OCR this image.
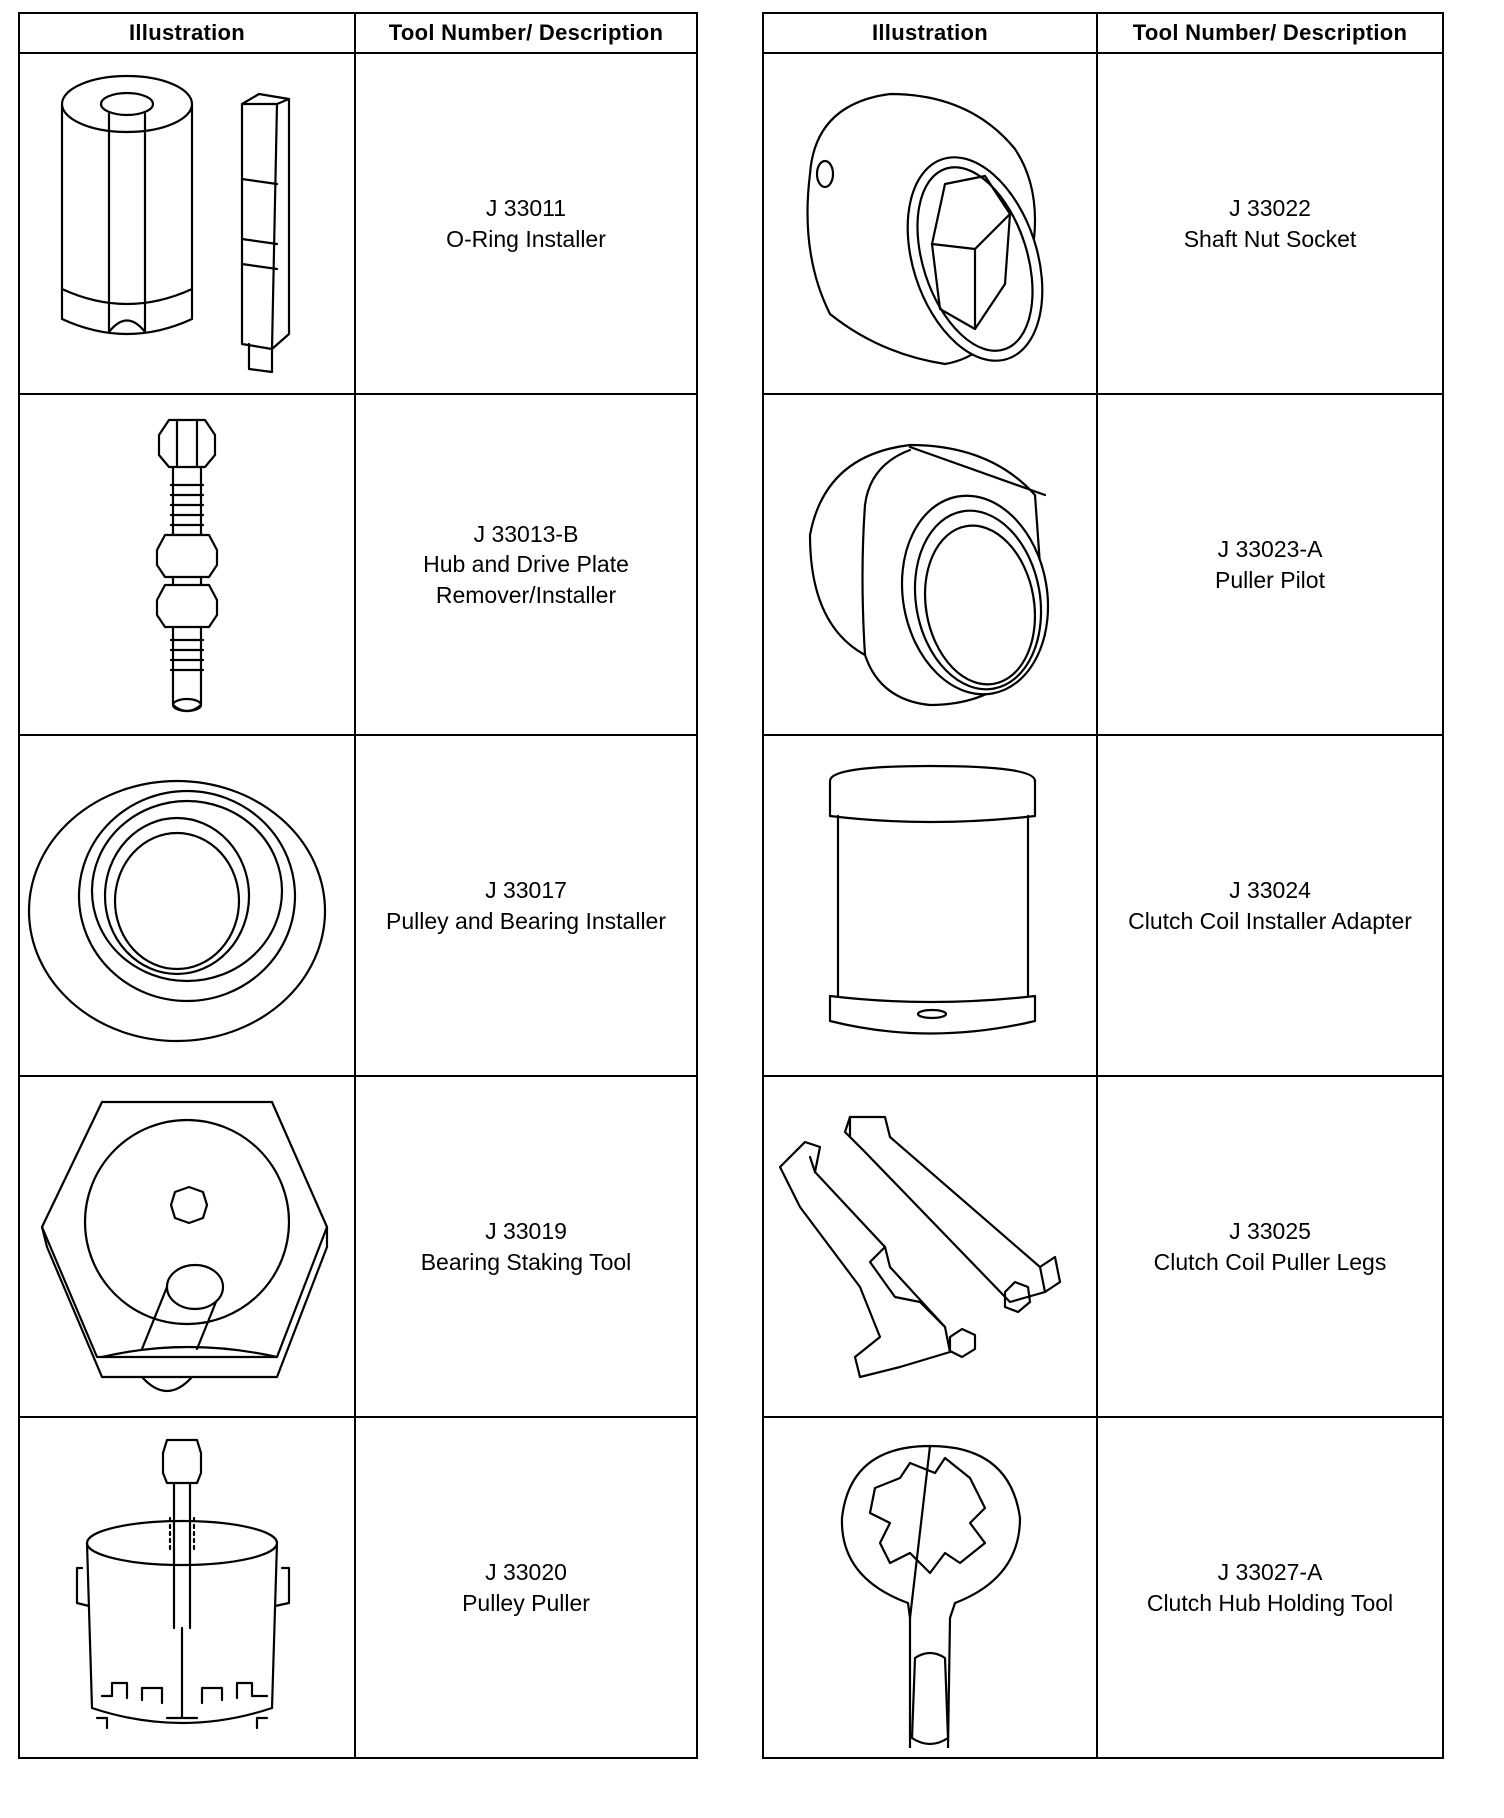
Illustration	Tool Number/ Description

J 33011
O-Ring Installer

J 33013-B
Hub and Drive Plate
Remover/Installer

J 33017
Pulley and Bearing Installer

J 33019
Bearing Staking Tool

J 33020
Pulley Puller
Illustration	Tool Number/ Description

J 33022
Shaft Nut Socket

J 33023-A
Puller Pilot

J 33024
Clutch Coil Installer Adapter

J 33025
Clutch Coil Puller Legs

J 33027-A
Clutch Hub Holding Tool
